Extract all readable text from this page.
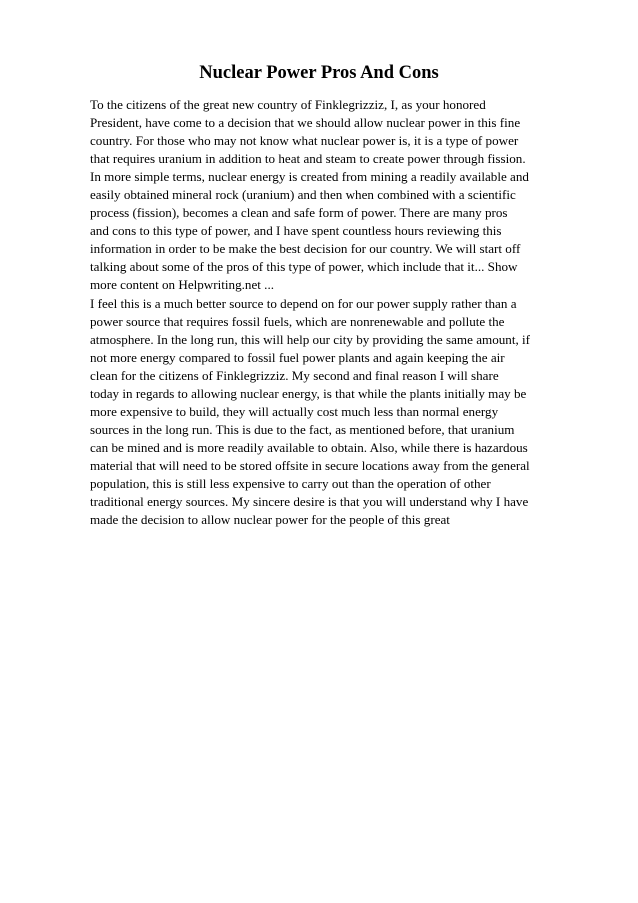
Nuclear Power Pros And Cons

To the citizens of the great new country of Finklegrizziz, I, as your honored
President, have come to a decision that we should allow nuclear power in this fine
country. For those who may not know what nuclear power is, it is a type of power
that requires uranium in addition to heat and steam to create power through fission.
In more simple terms, nuclear energy is created from mining a readily available and
easily obtained mineral rock (uranium) and then when combined with a scientific
process (fission), becomes a clean and safe form of power. There are many pros
and cons to this type of power, and I have spent countless hours reviewing this
information in order to be make the best decision for our country. We will start off
talking about some of the pros of this type of power, which include that it... Show
more content on Helpwriting.net ...

I feel this is a much better source to depend on for our power supply rather than a
power source that requires fossil fuels, which are nonrenewable and pollute the
atmosphere. In the long run, this will help our city by providing the same amount, if
not more energy compared to fossil fuel power plants and again keeping the air
clean for the citizens of Finklegrizziz. My second and final reason I will share
today in regards to allowing nuclear energy, is that while the plants initially may be
more expensive to build, they will actually cost much less than normal energy
sources in the long run. This is due to the fact, as mentioned before, that uranium
can be mined and is more readily available to obtain. Also, while there is hazardous
material that will need to be stored offsite in secure locations away from the general
population, this is still less expensive to carry out than the operation of other
traditional energy sources. My sincere desire is that you will understand why I have
made the decision to allow nuclear power for the people of this great
